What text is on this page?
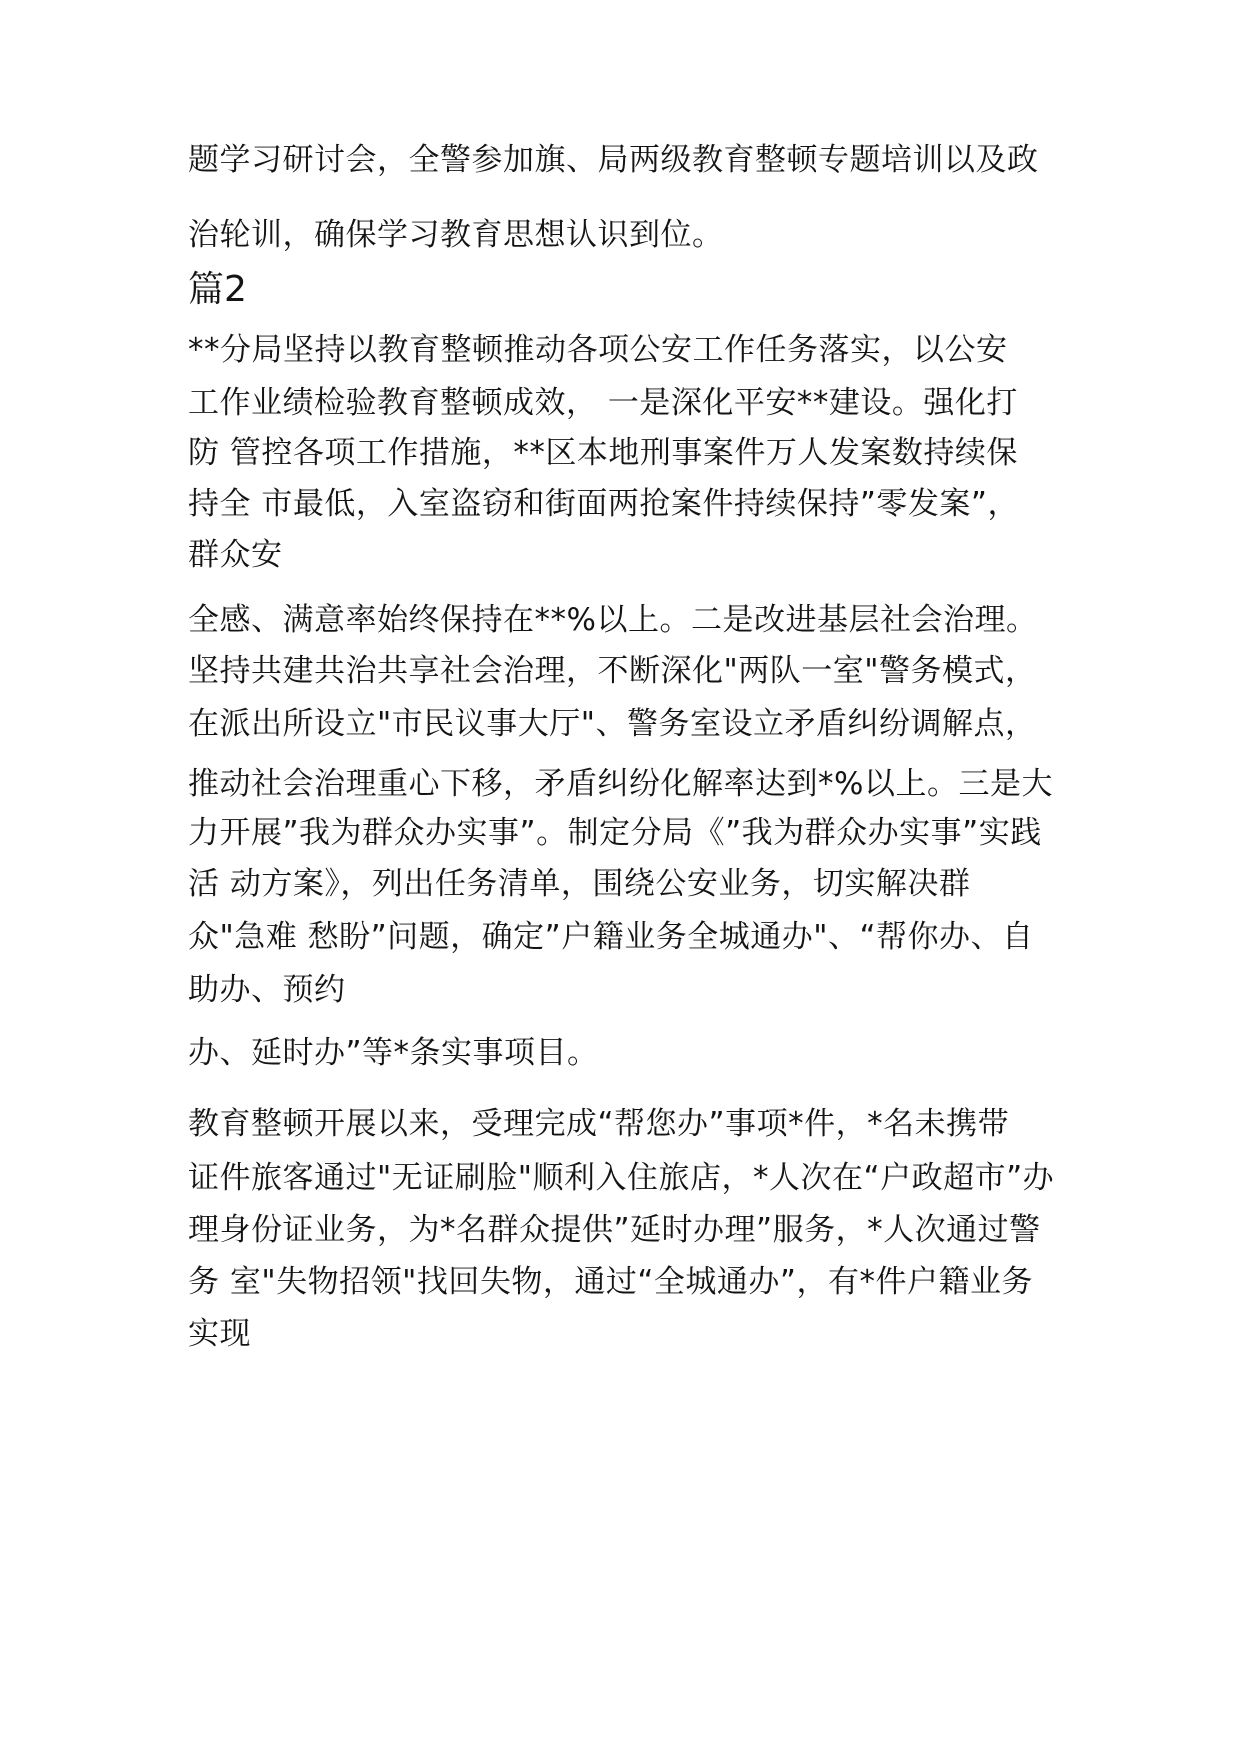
题学习研讨会，全警参加旗、局两级教育整顿专题培训以及政
治轮训，确保学习教育思想认识到位。
篇2
**分局坚持以教育整顿推动各项公安工作任务落实，以公安
工作业绩检验教育整顿成效， 一是深化平安**建设。强化打
防 管控各项工作措施，**区本地刑事案件万人发案数持续保
持全 市最低，入室盗窃和街面两抢案件持续保持”零发案”，
群众安
全感、满意率始终保持在**%以上。二是改进基层社会治理。
坚持共建共治共享社会治理，不断深化"两队一室"警务模式，
在派出所设立"市民议事大厅"、警务室设立矛盾纠纷调解点，
推动社会治理重心下移，矛盾纠纷化解率达到*%以上。三是大
力开展”我为群众办实事”。制定分局《”我为群众办实事”实践
活 动方案》，列出任务清单，围绕公安业务，切实解决群
众"急难 愁盼”问题，确定”户籍业务全城通办"、“帮你办、自
助办、预约
办、延时办”等*条实事项目。
教育整顿开展以来，受理完成“帮您办”事项*件，*名未携带
证件旅客通过"无证刷脸"顺利入住旅店，*人次在“户政超市”办
理身份证业务，为*名群众提供”延时办理”服务，*人次通过警
务 室"失物招领"找回失物，通过“全城通办”，有*件户籍业务
实现
